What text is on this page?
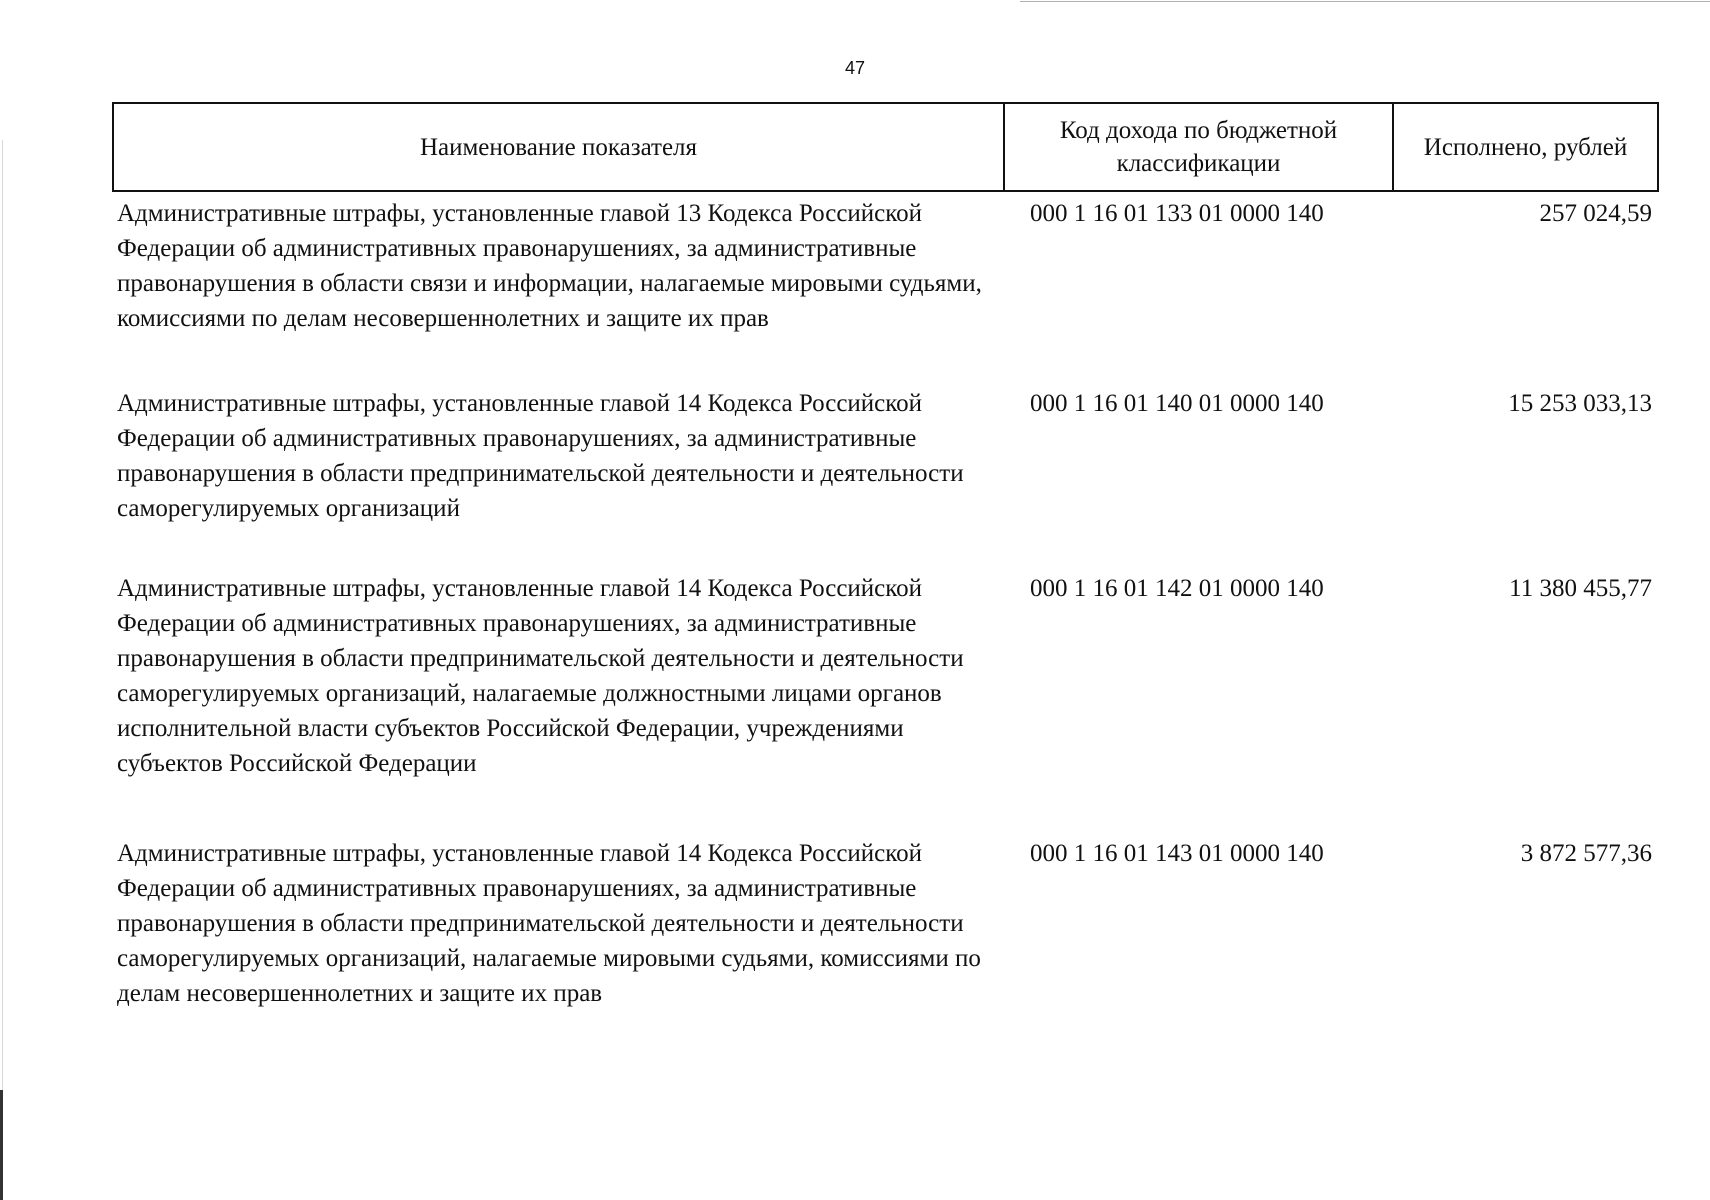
47
Наименование показателя	Код дохода по бюджетной классификации	Исполнено, рублей
Административные штрафы, установленные главой 13 Кодекса Российской Федерации об административных правонарушениях, за административные правонарушения в области связи и информации, налагаемые мировыми судьями, комиссиями по делам несовершеннолетних и защите их прав	000 1 16 01 133 01 0000 140	257 024,59
Административные штрафы, установленные главой 14 Кодекса Российской Федерации об административных правонарушениях, за административные правонарушения в области предпринимательской деятельности и деятельности саморегулируемых организаций	000 1 16 01 140 01 0000 140	15 253 033,13
Административные штрафы, установленные главой 14 Кодекса Российской Федерации об административных правонарушениях, за административные правонарушения в области предпринимательской деятельности и деятельности саморегулируемых организаций, налагаемые должностными лицами органов исполнительной власти субъектов Российской Федерации, учреждениями субъектов Российской Федерации	000 1 16 01 142 01 0000 140	11 380 455,77
Административные штрафы, установленные главой 14 Кодекса Российской Федерации об административных правонарушениях, за административные правонарушения в области предпринимательской деятельности и деятельности саморегулируемых организаций, налагаемые мировыми судьями, комиссиями по делам несовершеннолетних и защите их прав	000 1 16 01 143 01 0000 140	3 872 577,36
